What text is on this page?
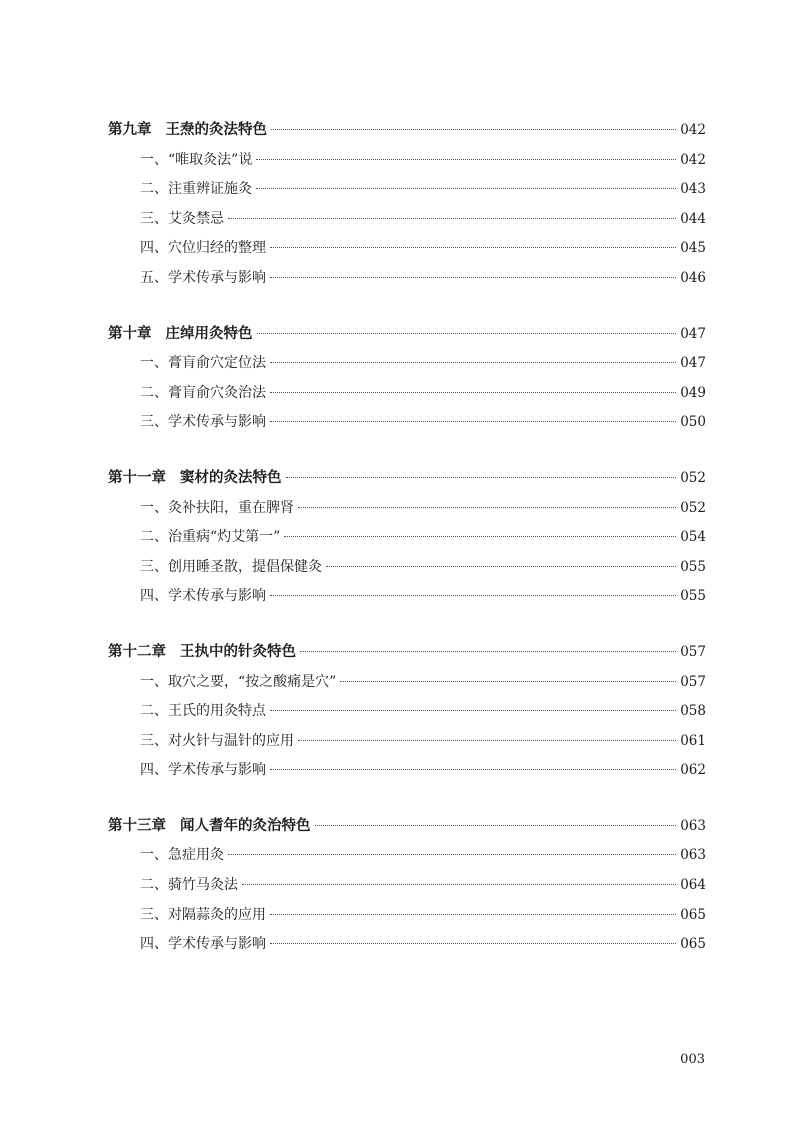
第九章 王焘的灸法特色	042
一、“唯取灸法”说	042
二、注重辨证施灸	043
三、艾灸禁忌	044
四、穴位归经的整理	045
五、学术传承与影响	046
第十章 庄绰用灸特色	047
一、膏肓俞穴定位法	047
二、膏肓俞穴灸治法	049
三、学术传承与影响	050
第十一章 窦材的灸法特色	052
一、灸补扶阳，重在脾肾	052
二、治重病“灼艾第一”	054
三、创用睡圣散，提倡保健灸	055
四、学术传承与影响	055
第十二章 王执中的针灸特色	057
一、取穴之要，“按之酸痛是穴”	057
二、王氏的用灸特点	058
三、对火针与温针的应用	061
四、学术传承与影响	062
第十三章 闻人耆年的灸治特色	063
一、急症用灸	063
二、骑竹马灸法	064
三、对隔蒜灸的应用	065
四、学术传承与影响	065
003
